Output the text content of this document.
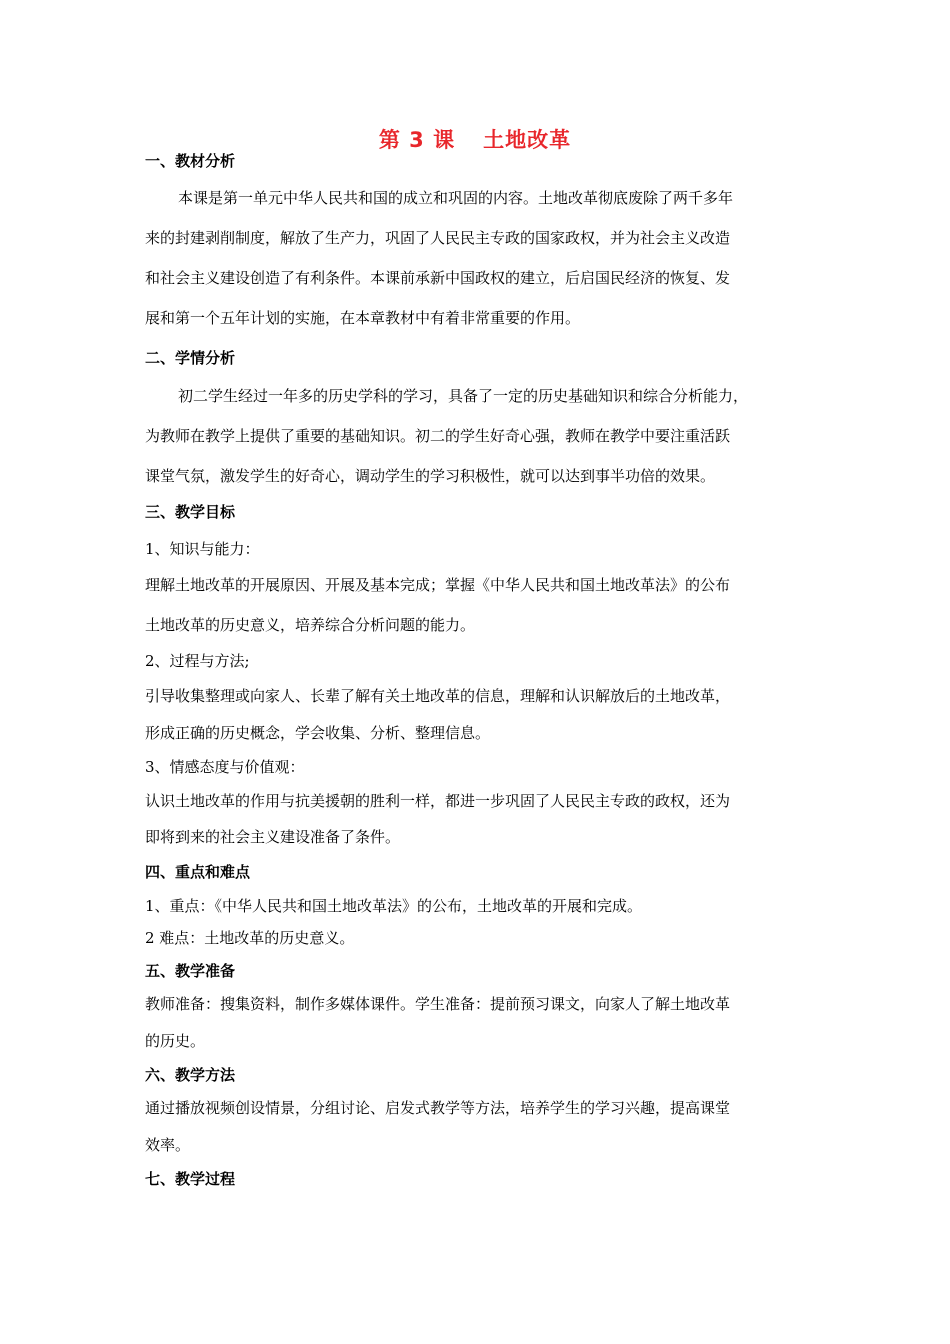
第 3 课 土地改革
一、教材分析
本课是第一单元中华人民共和国的成立和巩固的内容。土地改革彻底废除了两千多年
来的封建剥削制度，解放了生产力，巩固了人民民主专政的国家政权，并为社会主义改造
和社会主义建设创造了有利条件。本课前承新中国政权的建立，后启国民经济的恢复、发
展和第一个五年计划的实施，在本章教材中有着非常重要的作用。
二、学情分析
初二学生经过一年多的历史学科的学习，具备了一定的历史基础知识和综合分析能力，
为教师在教学上提供了重要的基础知识。初二的学生好奇心强，教师在教学中要注重活跃
课堂气氛，激发学生的好奇心，调动学生的学习积极性，就可以达到事半功倍的效果。
三、教学目标
1、知识与能力：
理解土地改革的开展原因、开展及基本完成；掌握《中华人民共和国土地改革法》的公布
土地改革的历史意义，培养综合分析问题的能力。
2、过程与方法;
引导收集整理或向家人、长辈了解有关土地改革的信息，理解和认识解放后的土地改革，
形成正确的历史概念，学会收集、分析、整理信息。
3、情感态度与价值观：
认识土地改革的作用与抗美援朝的胜利一样，都进一步巩固了人民民主专政的政权，还为
即将到来的社会主义建设准备了条件。
四、重点和难点
1、重点：《中华人民共和国土地改革法》的公布，土地改革的开展和完成。
2 难点：土地改革的历史意义。
五、教学准备
教师准备：搜集资料，制作多媒体课件。学生准备：提前预习课文，向家人了解土地改革
的历史。
六、教学方法
通过播放视频创设情景，分组讨论、启发式教学等方法，培养学生的学习兴趣，提高课堂
效率。
七、教学过程
